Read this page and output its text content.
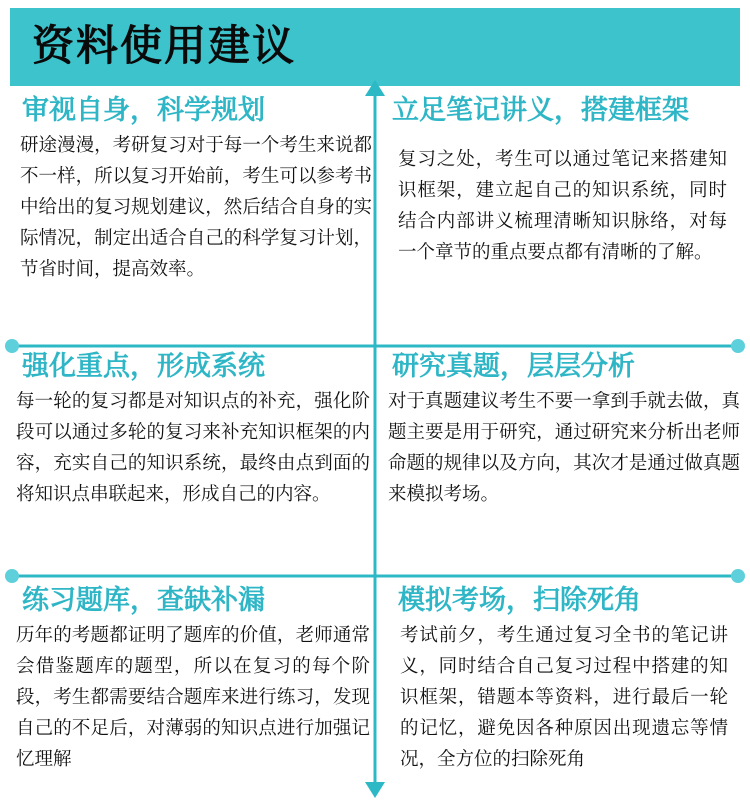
资料使用建议
审视自身，科学规划

研途漫漫，考研复习对于每一个考生来说都不一样，所以复习开始前，考生可以参考书中给出的复习规划建议，然后结合自身的实际情况，制定出适合自己的科学复习计划，节省时间，提高效率。

立足笔记讲义，搭建框架

复习之处，考生可以通过笔记来搭建知识框架，建立起自己的知识系统，同时结合内部讲义梳理清晰知识脉络，对每一个章节的重点要点都有清晰的了解。

强化重点，形成系统

每一轮的复习都是对知识点的补充，强化阶段可以通过多轮的复习来补充知识框架的内容，充实自己的知识系统，最终由点到面的将知识点串联起来，形成自己的内容。

研究真题，层层分析

对于真题建议考生不要一拿到手就去做，真题主要是用于研究，通过研究来分析出老师命题的规律以及方向，其次才是通过做真题来模拟考场。

练习题库，查缺补漏

历年的考题都证明了题库的价值，老师通常会借鉴题库的题型，所以在复习的每个阶段，考生都需要结合题库来进行练习，发现自己的不足后，对薄弱的知识点进行加强记忆理解

模拟考场，扫除死角

考试前夕，考生通过复习全书的笔记讲义，同时结合自己复习过程中搭建的知识框架，错题本等资料，进行最后一轮的记忆，避免因各种原因出现遗忘等情况，全方位的扫除死角
